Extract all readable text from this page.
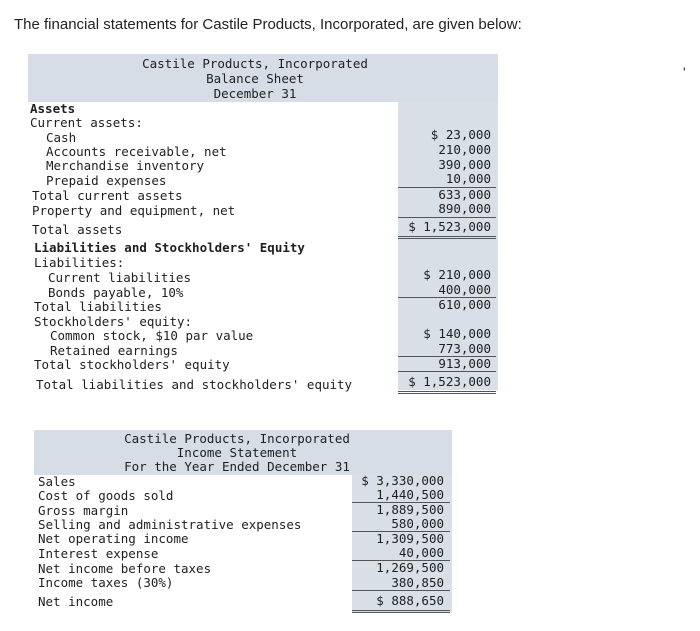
The financial statements for Castile Products, Incorporated, are given below:

'
Castile Products, Incorporated
Balance Sheet
December 31
Assets
Current assets:
Cash
Accounts receivable, net
Merchandise inventory
Prepaid expenses
Total current assets
Property and equipment, net
Total assets
Liabilities and Stockholders' Equity
Liabilities:
Current liabilities
Bonds payable, 10%
Total liabilities
Stockholders' equity:
Common stock, $10 par value
Retained earnings
Total stockholders' equity
Total liabilities and stockholders' equity
$ 23,000
210,000
390,000
10,000
633,000
890,000
$ 1,523,000
$ 210,000
400,000
610,000
$ 140,000
773,000
913,000
$ 1,523,000
Castile Products, Incorporated
Income Statement
For the Year Ended December 31
Sales
Cost of goods sold
Gross margin
Selling and administrative expenses
Net operating income
Interest expense
Net income before taxes
Income taxes (30%)
Net income
$ 3,330,000
1,440,500
1,889,500
580,000
1,309,500
40,000
1,269,500
380,850
$ 888,650
